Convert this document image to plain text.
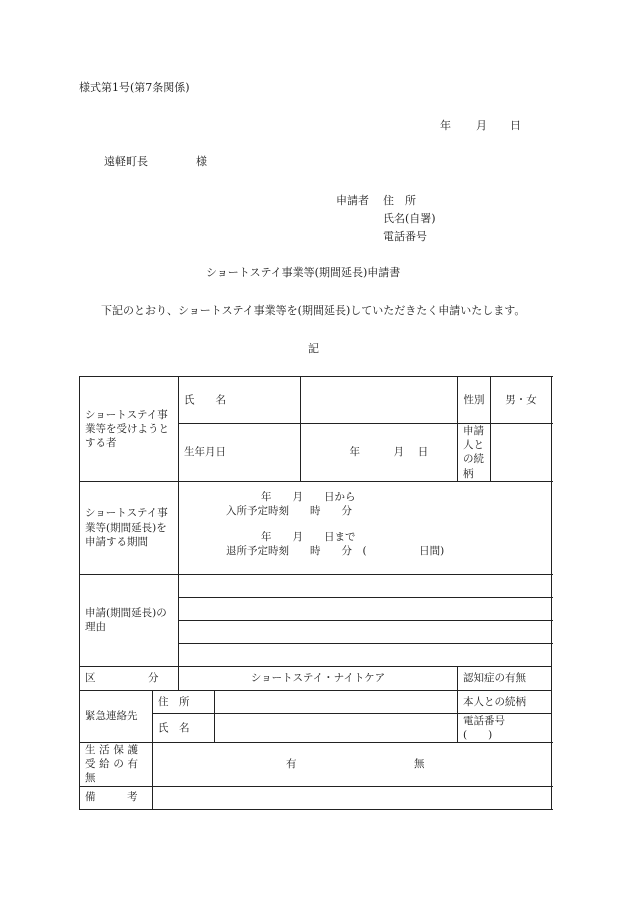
様式第1号(第7条関係)
年 月 日
遠軽町長	様
申請者 住　所
氏名(自署)
電話番号
ショートステイ事業等(期間延長)申請書
下記のとおり、ショートステイ事業等を(期間延長)していただきたく申請いたします。
記
ショートステイ事業等を受けようとする者		氏　　名			性別	男・女	
		生年月日		年 月 日	申請人との続柄		
ショートステイ事業等(期間延長)を申請する期間		年　　月　　日から
入所予定時刻　　時　　分
年　　月　　日まで
退所予定時刻　　時　　分　(　　　　　日間)					

申請(期間延長)の理由							

区　　　　　分		ショートステイ・ナイトケア			認知症の有無		
緊急連絡先	住　所				本人との続柄		
	氏　名				電話番号　　(　　)		
生活保護受給の有無	有 無						
備　　　考							
